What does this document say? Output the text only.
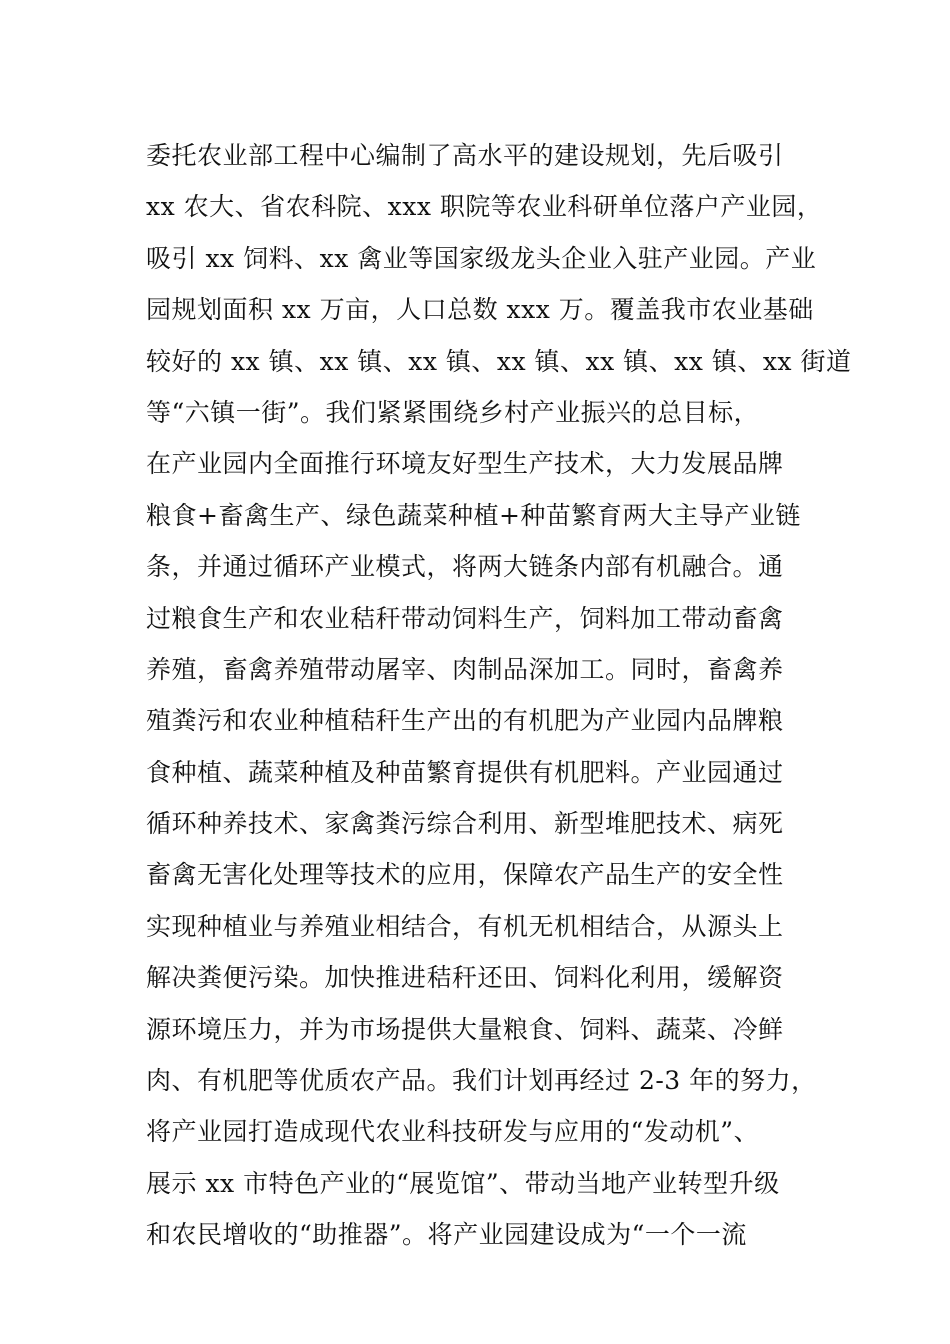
委托农业部工程中心编制了高水平的建设规划，先后吸引
xx 农大、省农科院、xxx 职院等农业科研单位落户产业园，
吸引 xx 饲料、xx 禽业等国家级龙头企业入驻产业园。产业
园规划面积 xx 万亩，人口总数 xxx 万。覆盖我市农业基础
较好的 xx 镇、xx 镇、xx 镇、xx 镇、xx 镇、xx 镇、xx 街道
等“六镇一街”。我们紧紧围绕乡村产业振兴的总目标，
在产业园内全面推行环境友好型生产技术，大力发展品牌
粮食+畜禽生产、绿色蔬菜种植+种苗繁育两大主导产业链
条，并通过循环产业模式，将两大链条内部有机融合。通
过粮食生产和农业秸秆带动饲料生产，饲料加工带动畜禽
养殖，畜禽养殖带动屠宰、肉制品深加工。同时，畜禽养
殖粪污和农业种植秸秆生产出的有机肥为产业园内品牌粮
食种植、蔬菜种植及种苗繁育提供有机肥料。产业园通过
循环种养技术、家禽粪污综合利用、新型堆肥技术、病死
畜禽无害化处理等技术的应用，保障农产品生产的安全性
实现种植业与养殖业相结合，有机无机相结合，从源头上
解决粪便污染。加快推进秸秆还田、饲料化利用，缓解资
源环境压力，并为市场提供大量粮食、饲料、蔬菜、冷鲜
肉、有机肥等优质农产品。我们计划再经过 2-3 年的努力，
将产业园打造成现代农业科技研发与应用的“发动机”、
展示 xx 市特色产业的“展览馆”、带动当地产业转型升级
和农民增收的“助推器”。将产业园建设成为“一个一流
